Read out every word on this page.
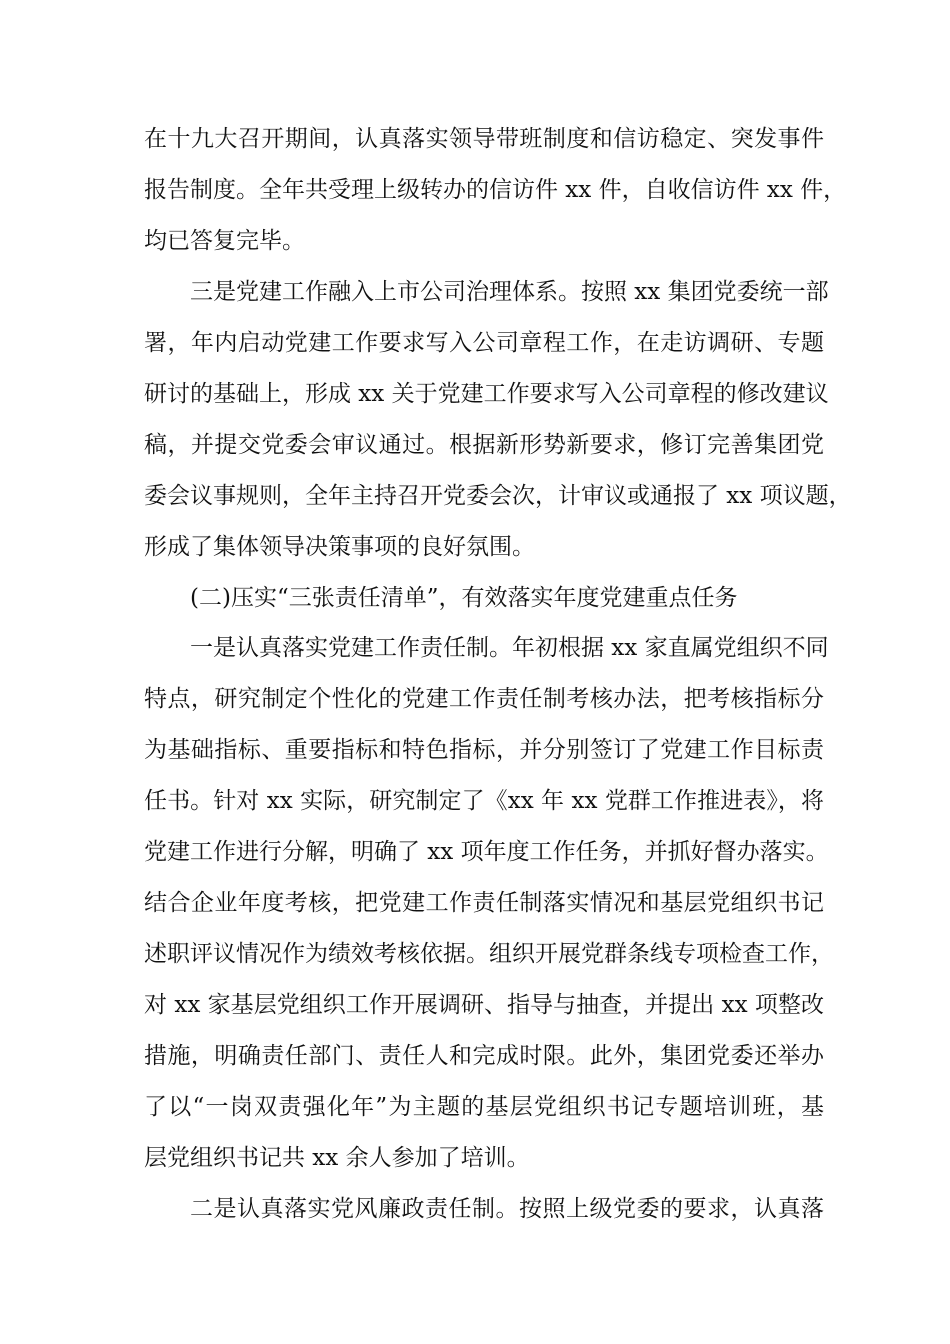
在十九大召开期间，认真落实领导带班制度和信访稳定、突发事件
报告制度。全年共受理上级转办的信访件 xx 件，自收信访件 xx 件，
均已答复完毕。
三是党建工作融入上市公司治理体系。按照 xx 集团党委统一部
署，年内启动党建工作要求写入公司章程工作，在走访调研、专题
研讨的基础上，形成 xx 关于党建工作要求写入公司章程的修改建议
稿，并提交党委会审议通过。根据新形势新要求，修订完善集团党
委会议事规则，全年主持召开党委会次，计审议或通报了 xx 项议题，
形成了集体领导决策事项的良好氛围。
(二)压实“三张责任清单”，有效落实年度党建重点任务
一是认真落实党建工作责任制。年初根据 xx 家直属党组织不同
特点，研究制定个性化的党建工作责任制考核办法，把考核指标分
为基础指标、重要指标和特色指标，并分别签订了党建工作目标责
任书。针对 xx 实际，研究制定了《xx 年 xx 党群工作推进表》，将
党建工作进行分解，明确了 xx 项年度工作任务，并抓好督办落实。
结合企业年度考核，把党建工作责任制落实情况和基层党组织书记
述职评议情况作为绩效考核依据。组织开展党群条线专项检查工作，
对 xx 家基层党组织工作开展调研、指导与抽查，并提出 xx 项整改
措施，明确责任部门、责任人和完成时限。此外，集团党委还举办
了以“一岗双责强化年”为主题的基层党组织书记专题培训班，基
层党组织书记共 xx 余人参加了培训。
二是认真落实党风廉政责任制。按照上级党委的要求，认真落
